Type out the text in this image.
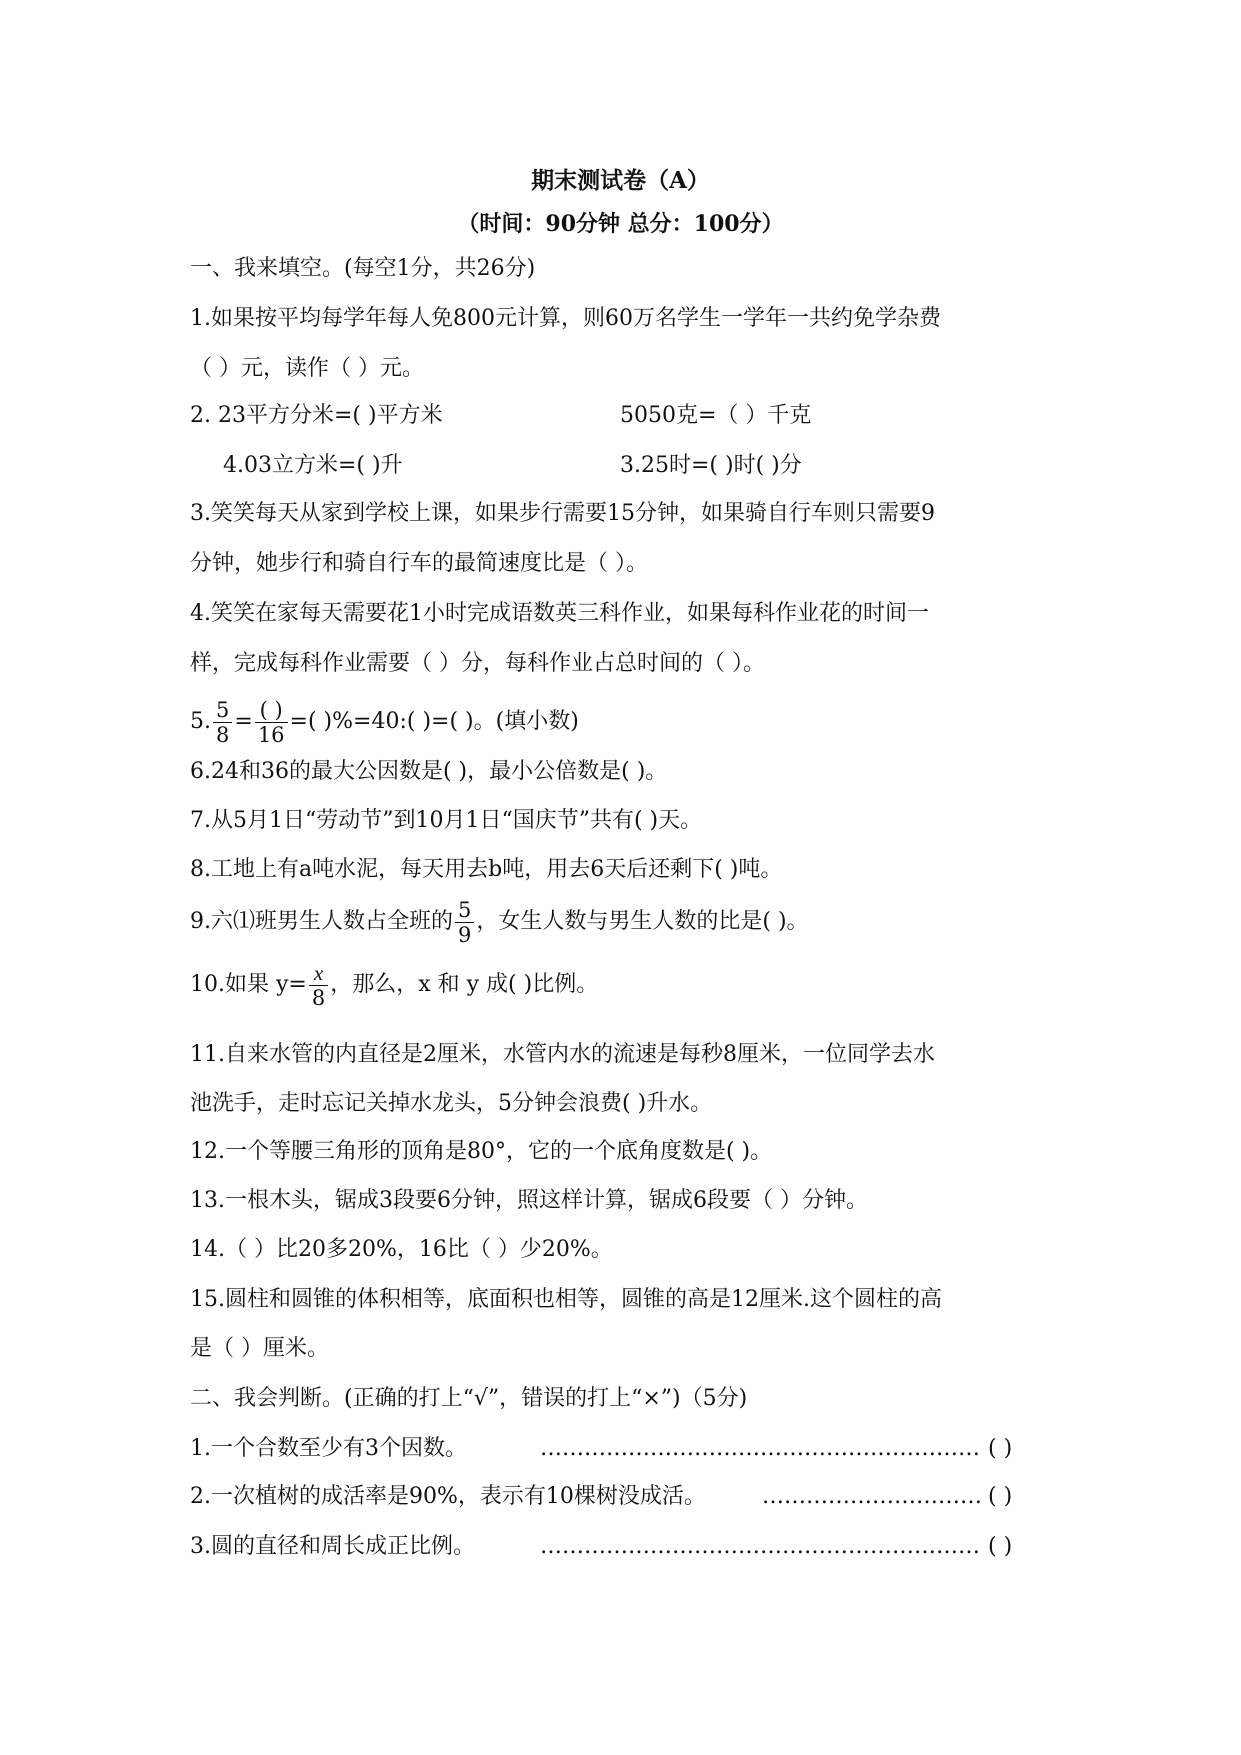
期末测试卷（A）
（时间：90分钟 总分：100分）
一、我来填空。(每空1分，共26分)
1.如果按平均每学年每人免800元计算，则60万名学生一学年一共约免学杂费
（ ）元，读作（ ）元。
2. 23平方分米=( )平方米	5050克=（ ）千克
4.03立方米=( )升	3.25时=( )时( )分
3.笑笑每天从家到学校上课，如果步行需要15分钟，如果骑自行车则只需要9
分钟，她步行和骑自行车的最简速度比是（ ）。
4.笑笑在家每天需要花1小时完成语数英三科作业，如果每科作业花的时间一
样，完成每科作业需要（ ）分，每科作业占总时间的（ ）。
5. $\frac{5}{8} = \frac{( )}{16}$ =( )%=40:( )=( )。(填小数)
6.24和36的最大公因数是( )，最小公倍数是( )。
7.从5月1日“劳动节”到10月1日“国庆节”共有( )天。
8.工地上有a吨水泥，每天用去b吨，用去6天后还剩下( )吨。
9.六⑴班男生人数占全班的 $\frac{5}{9}$ ，女生人数与男生人数的比是( )。
10.如果 $y= \frac{x}{8}$ ，那么，x 和 y 成( )比例。
11.自来水管的内直径是2厘米，水管内水的流速是每秒8厘米，一位同学去水
池洗手，走时忘记关掉水龙头，5分钟会浪费( )升水。
12.一个等腰三角形的顶角是80°，它的一个底角度数是( )。
13.一根木头，锯成3段要6分钟，照这样计算，锯成6段要（ ）分钟。
14.（ ）比20多20%，16比（ ）少20%。
15.圆柱和圆锥的体积相等，底面积也相等，圆锥的高是12厘米.这个圆柱的高
是（ ）厘米。
二、我会判断。(正确的打上“√”，错误的打上“×”)（5分)
1.一个合数至少有3个因数。	…………………………………………………… ( )
2.一次植树的成活率是90%，表示有10棵树没成活。	………………………… ( )
3.圆的直径和周长成正比例。	…………………………………………………… ( )
